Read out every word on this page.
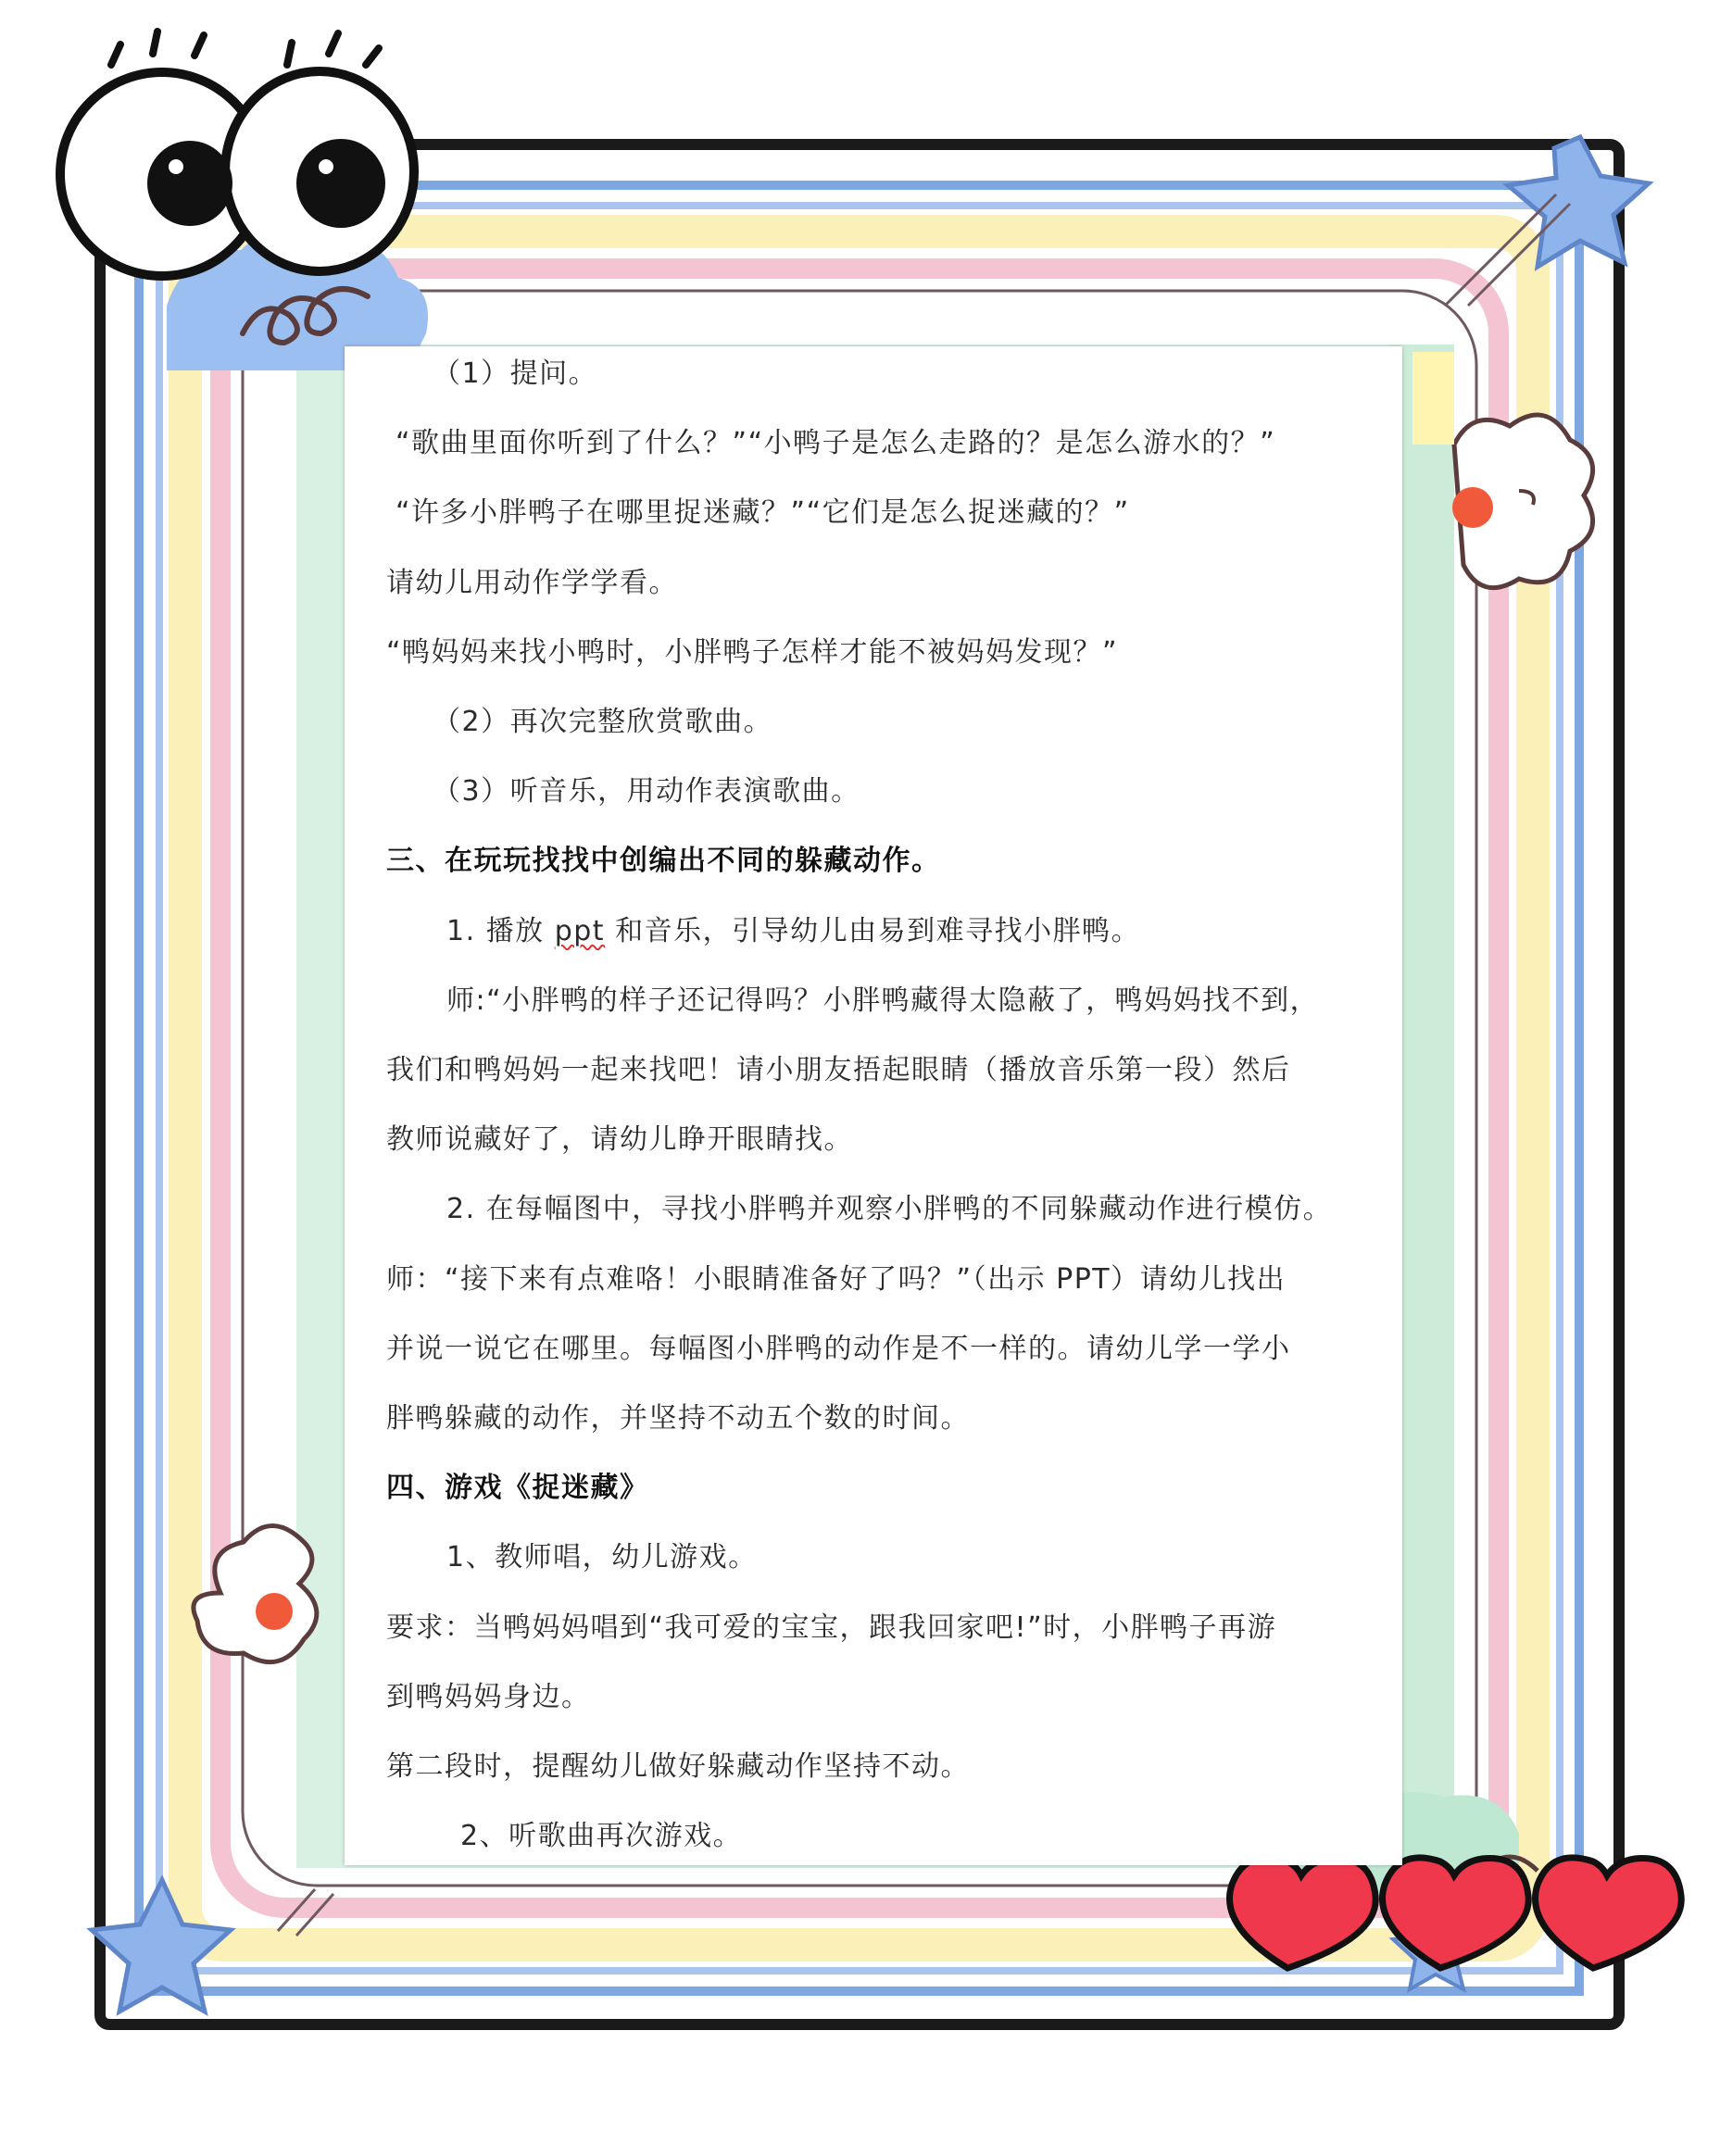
（1）提问。
“歌曲里面你听到了什么？”“小鸭子是怎么走路的？是怎么游水的？”
“许多小胖鸭子在哪里捉迷藏？”“它们是怎么捉迷藏的？”
请幼儿用动作学学看。
“鸭妈妈来找小鸭时，小胖鸭子怎样才能不被妈妈发现？”
（2）再次完整欣赏歌曲。
（3）听音乐，用动作表演歌曲。
三、在玩玩找找中创编出不同的躲藏动作。
1. 播放 ppt 和音乐，引导幼儿由易到难寻找小胖鸭。
师:“小胖鸭的样子还记得吗？小胖鸭藏得太隐蔽了，鸭妈妈找不到，
我们和鸭妈妈一起来找吧！请小朋友捂起眼睛（播放音乐第一段）然后
教师说藏好了，请幼儿睁开眼睛找。
2. 在每幅图中，寻找小胖鸭并观察小胖鸭的不同躲藏动作进行模仿。
师：“接下来有点难咯！小眼睛准备好了吗？”（出示 PPT）请幼儿找出
并说一说它在哪里。每幅图小胖鸭的动作是不一样的。请幼儿学一学小
胖鸭躲藏的动作，并坚持不动五个数的时间。
四、游戏《捉迷藏》
1、教师唱，幼儿游戏。
要求：当鸭妈妈唱到“我可爱的宝宝，跟我回家吧!”时，小胖鸭子再游
到鸭妈妈身边。
第二段时，提醒幼儿做好躲藏动作坚持不动。
2、听歌曲再次游戏。
